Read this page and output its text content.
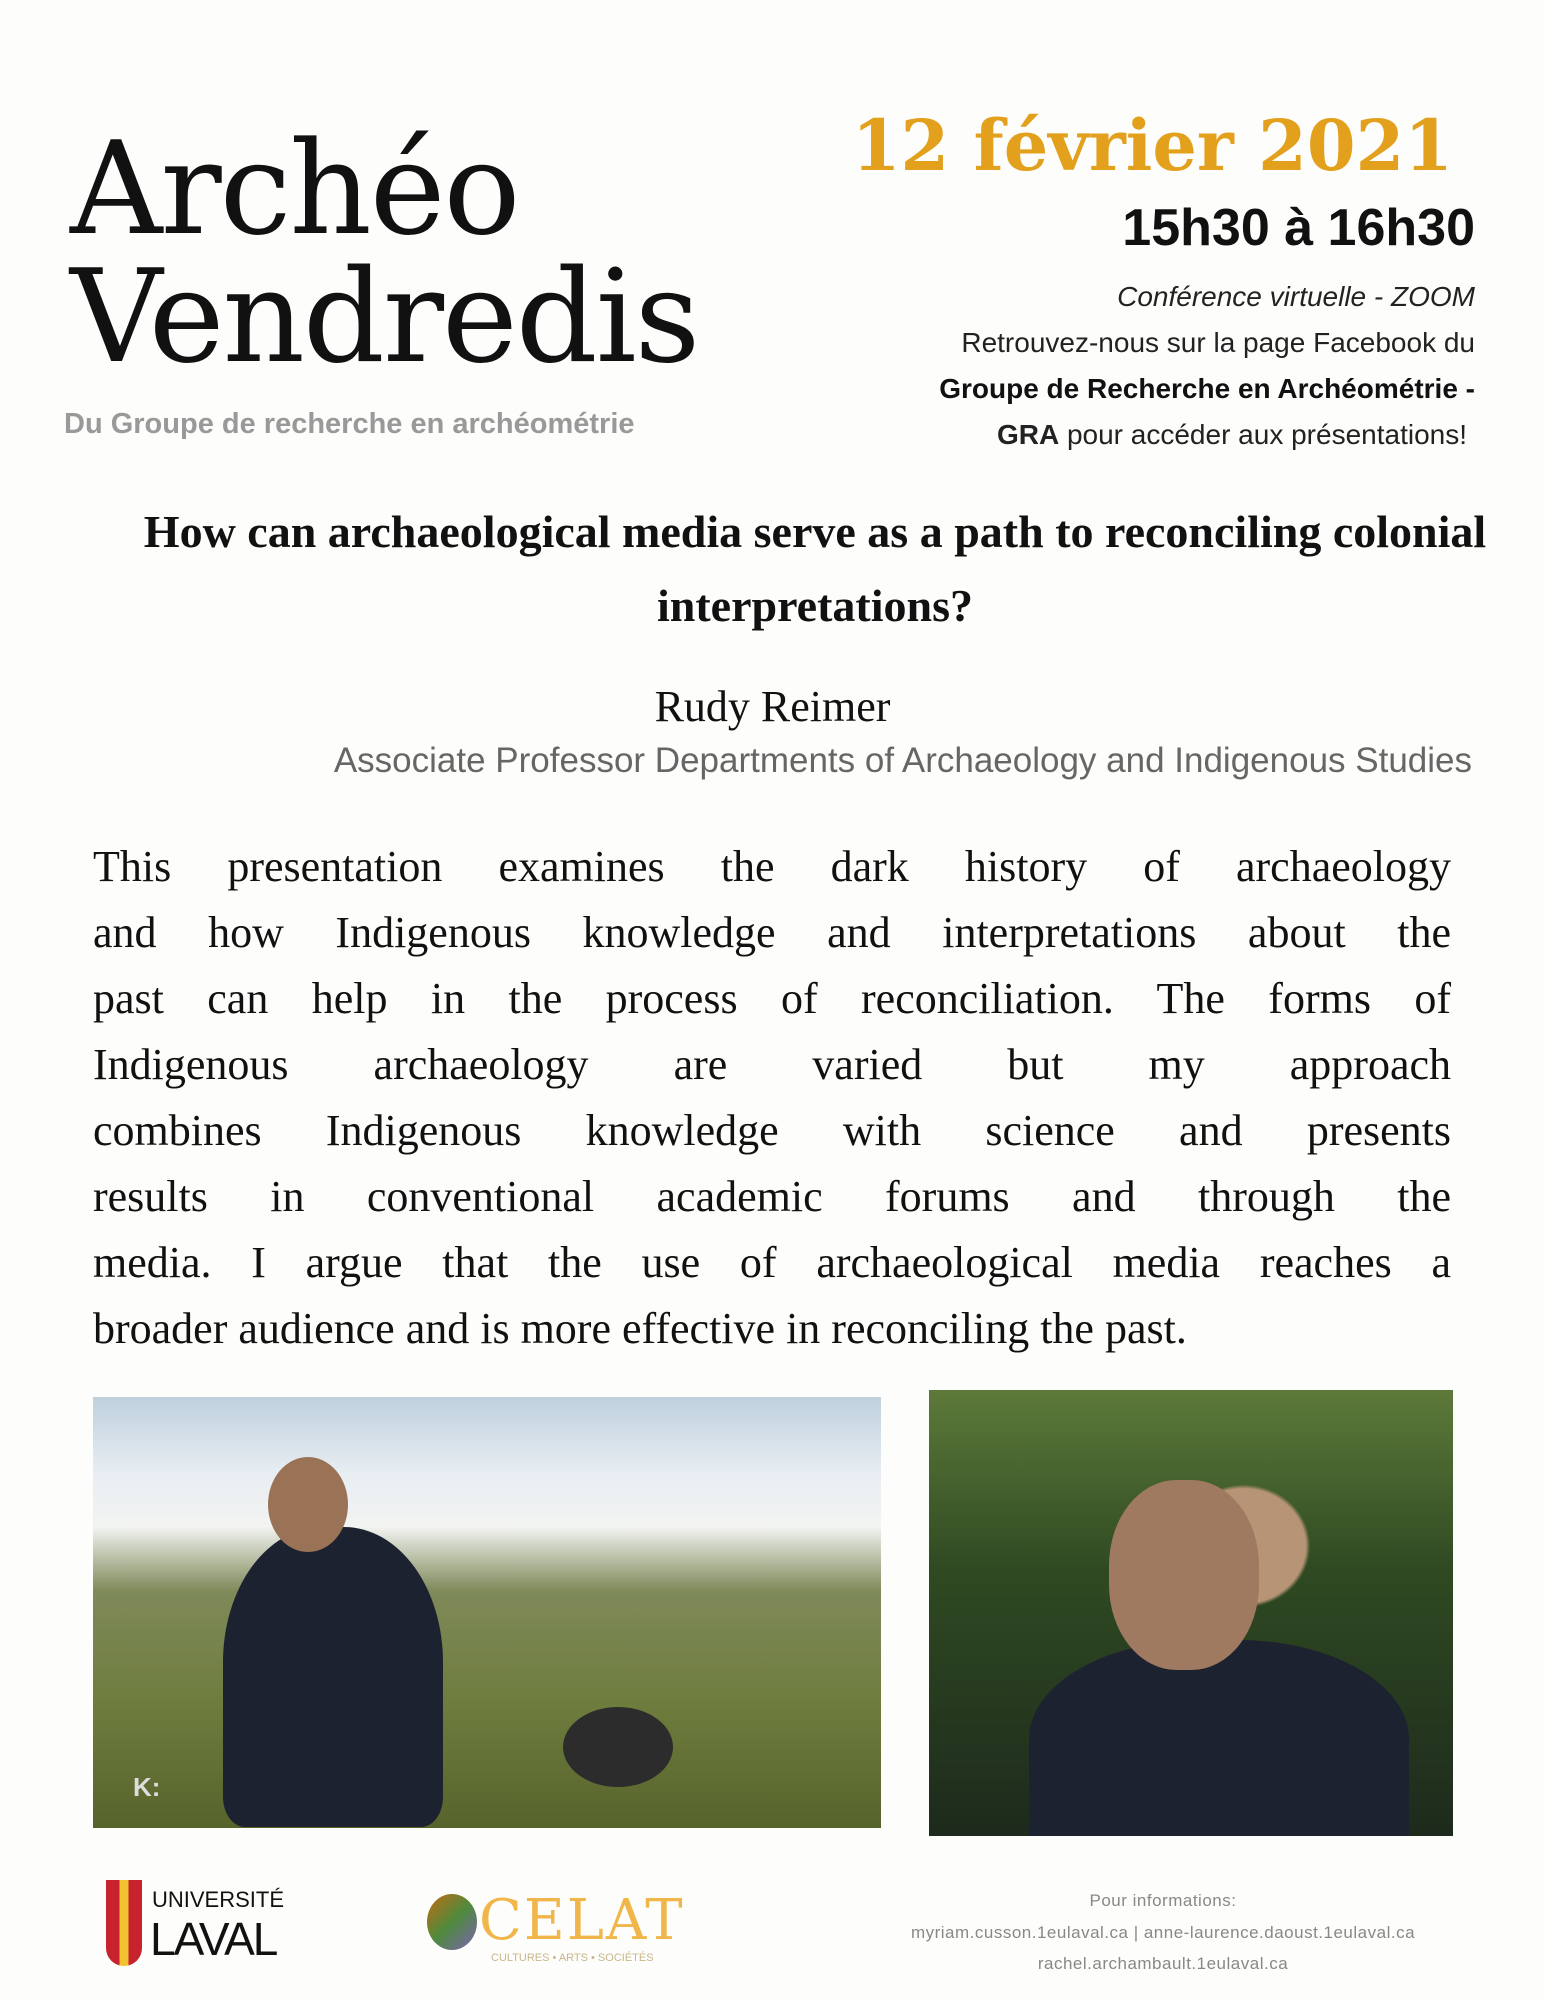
Archéo
Vendredis
Du Groupe de recherche en archéométrie
12 février 2021
15h30 à 16h30
Conférence virtuelle - ZOOM
Retrouvez-nous sur la page Facebook du
Groupe de Recherche en Archéométrie -
GRA pour accéder aux présentations!
How can archaeological media serve as a path to reconciling colonial interpretations?
Rudy Reimer
Associate Professor Departments of Archaeology and Indigenous Studies

This presentation examines the dark history of archaeology

and how Indigenous knowledge and interpretations about the

past can help in the process of reconciliation. The forms of

Indigenous archaeology are varied but my approach

combines Indigenous knowledge with science and presents

results in conventional academic forums and through the

media. I argue that the use of archaeological media reaches a

broader audience and is more effective in reconciling the past.

K:
UNIVERSITÉ
LAVAL	CELAT
CULTURES • ARTS • SOCIÉTÉS
Pour informations:
myriam.cusson.1eulaval.ca | anne-laurence.daoust.1eulaval.ca
rachel.archambault.1eulaval.ca
